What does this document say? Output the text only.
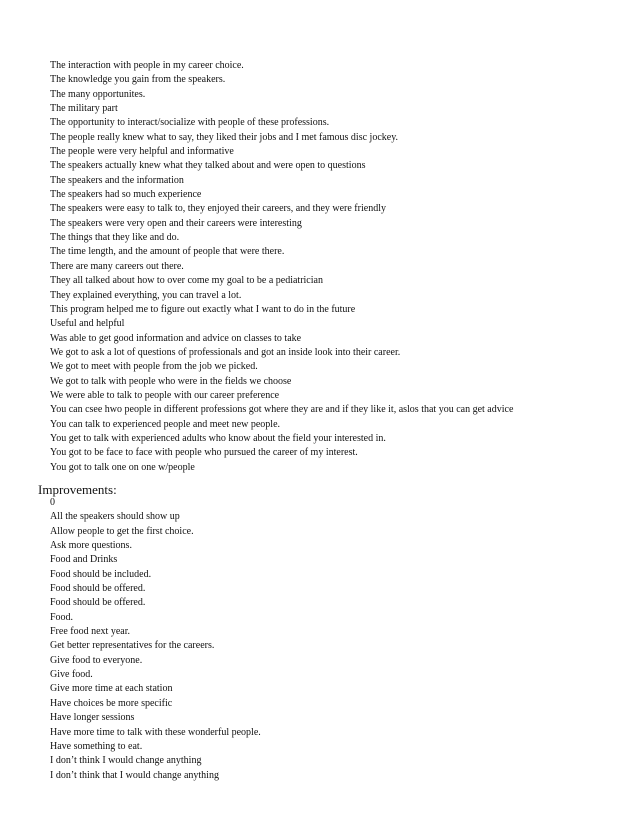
The interaction with people in my career choice.
The knowledge you gain from the speakers.
The many opportunites.
The military part
The opportunity to interact/socialize with people of these professions.
The people really knew what to say, they liked their jobs and I met famous disc jockey.
The people were very helpful and informative
The speakers actually knew what they talked about and were open to questions
The speakers and the information
The speakers had so much experience
The speakers were easy to talk to, they enjoyed their careers, and they were friendly
The speakers were very open and their careers were interesting
The things that they like and do.
The time length, and the amount of people that were there.
There are many careers out there.
They all talked about how to over come my goal to be a pediatrician
They explained everything, you can travel a lot.
This program helped me to figure out exactly what I want to do in the future
Useful and helpful
Was able to get good information and advice on classes to take
We got to ask a lot of questions of professionals and got an inside look into their career.
We got to meet with people from the job we picked.
We got to talk with people who were in the fields we choose
We were able to talk to people with our career preference
You can csee hwo people in different professions got where they are and if they like it, aslos that you can get advice
You can talk to experienced people and meet new people.
You get to talk with experienced adults who know about the field your interested in.
You got to be face to face with people who pursued the career of my interest.
You got to talk one on one w/people
Improvements:
0
All the speakers should show up
Allow people to get the first choice.
Ask more questions.
Food and Drinks
Food should be included.
Food should be offered.
Food should be offered.
Food.
Free food next year.
Get better representatives for the careers.
Give food to everyone.
Give food.
Give more time at each station
Have choices be more specific
Have longer sessions
Have more time to talk with these wonderful people.
Have something to eat.
I don’t think I would change anything
I don’t think that I would change anything
